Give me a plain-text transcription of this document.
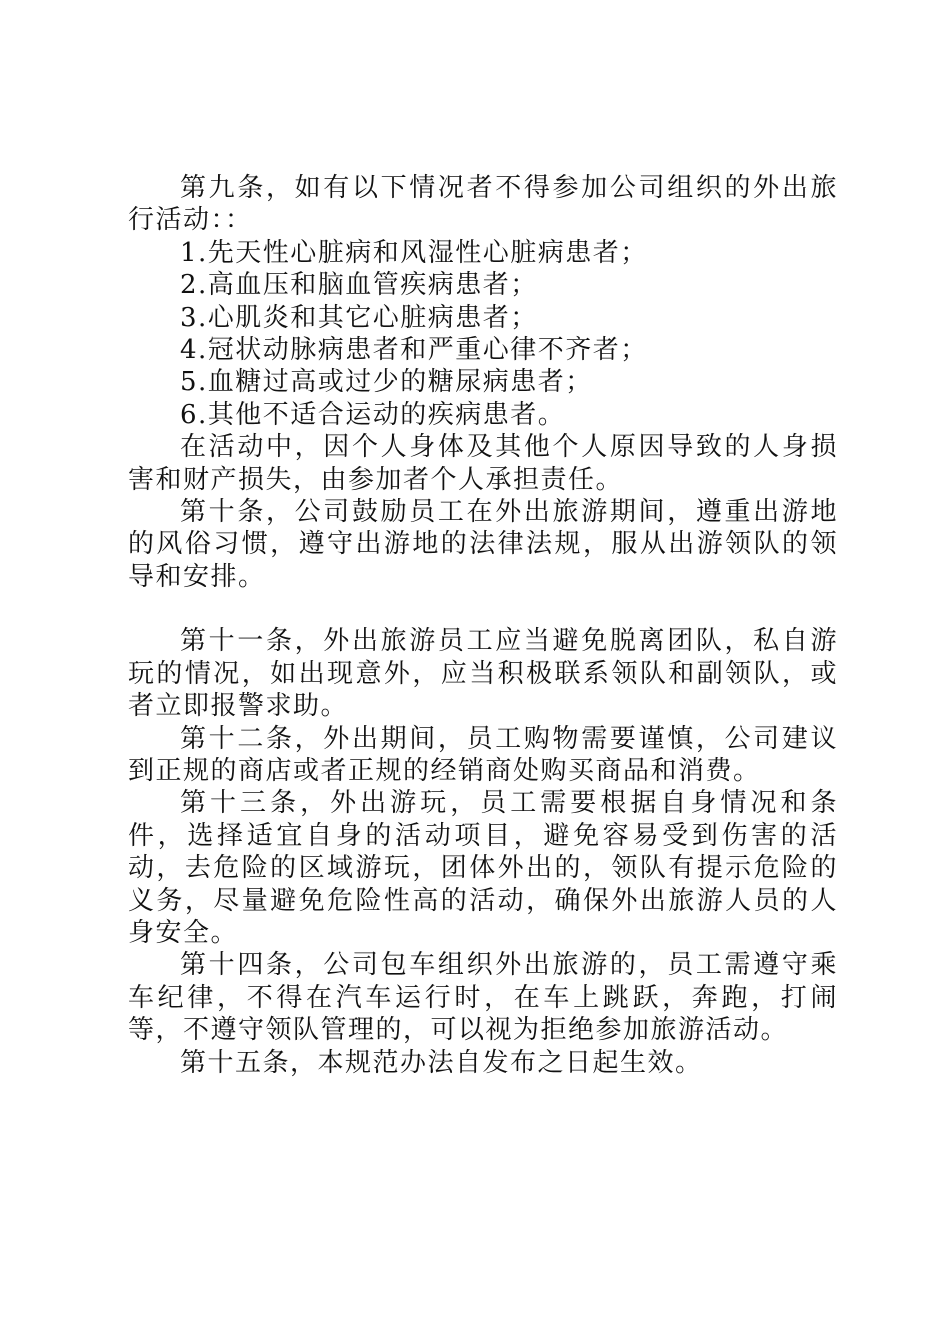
第九条，如有以下情况者不得参加公司组织的外出旅行活动：：

1.先天性心脏病和风湿性心脏病患者；

2.高血压和脑血管疾病患者；

3.心肌炎和其它心脏病患者；

4.冠状动脉病患者和严重心律不齐者；

5.血糖过高或过少的糖尿病患者；

6.其他不适合运动的疾病患者。

在活动中，因个人身体及其他个人原因导致的人身损害和财产损失，由参加者个人承担责任。

第十条，公司鼓励员工在外出旅游期间，遵重出游地的风俗习惯，遵守出游地的法律法规，服从出游领队的领导和安排。

第十一条，外出旅游员工应当避免脱离团队，私自游玩的情况，如出现意外，应当积极联系领队和副领队，或者立即报警求助。

第十二条，外出期间，员工购物需要谨慎，公司建议到正规的商店或者正规的经销商处购买商品和消费。

第十三条，外出游玩，员工需要根据自身情况和条件，选择适宜自身的活动项目，避免容易受到伤害的活动，去危险的区域游玩，团体外出的，领队有提示危险的义务，尽量避免危险性高的活动，确保外出旅游人员的人身安全。

第十四条，公司包车组织外出旅游的，员工需遵守乘车纪律，不得在汽车运行时，在车上跳跃，奔跑，打闹等，不遵守领队管理的，可以视为拒绝参加旅游活动。

第十五条，本规范办法自发布之日起生效。
